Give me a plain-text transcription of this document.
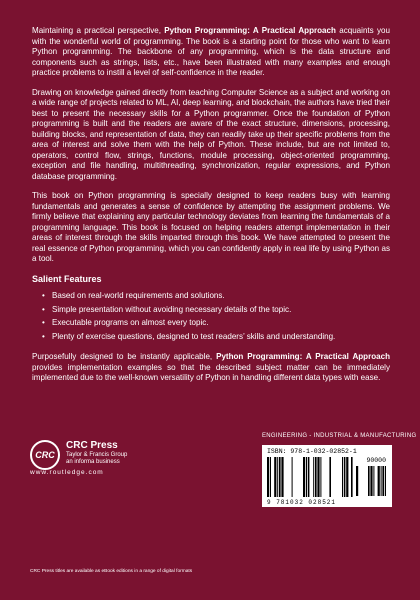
Maintaining a practical perspective, Python Programming: A Practical Approach acquaints you with the wonderful world of programming. The book is a starting point for those who want to learn Python programming. The backbone of any programming, which is the data structure and components such as strings, lists, etc., have been illustrated with many examples and enough practice problems to instill a level of self-confidence in the reader.

Drawing on knowledge gained directly from teaching Computer Science as a subject and working on a wide range of projects related to ML, AI, deep learning, and blockchain, the authors have tried their best to present the necessary skills for a Python programmer. Once the foundation of Python programming is built and the readers are aware of the exact structure, dimensions, processing, building blocks, and representation of data, they can readily take up their specific problems from the area of interest and solve them with the help of Python. These include, but are not limited to, operators, control flow, strings, functions, module processing, object-oriented programming, exception and file handling, multithreading, synchronization, regular expressions, and Python database programming.

This book on Python programming is specially designed to keep readers busy with learning fundamentals and generates a sense of confidence by attempting the assignment problems. We firmly believe that explaining any particular technology deviates from learning the fundamentals of a programming language. This book is focused on helping readers attempt implementation in their areas of interest through the skills imparted through this book. We have attempted to present the real essence of Python programming, which you can confidently apply in real life by using Python as a tool.

Salient Features
• Based on real-world requirements and solutions.
• Simple presentation without avoiding necessary details of the topic.
• Executable programs on almost every topic.
• Plenty of exercise questions, designed to test readers’ skills and understanding.

Purposefully designed to be instantly applicable, Python Programming: A Practical Approach provides implementation examples so that the described subject matter can be immediately implemented due to the well-known versatility of Python in handling different data types with ease.

CRC
CRC Press
Taylor & Francis Group
an informa business
www.routledge.com
CRC Press titles are available as eBook editions in a range of digital formats
ENGINEERING - INDUSTRIAL & MANUFACTURING
ISBN: 978-1-032-02852-1
90000
9 781032 028521
